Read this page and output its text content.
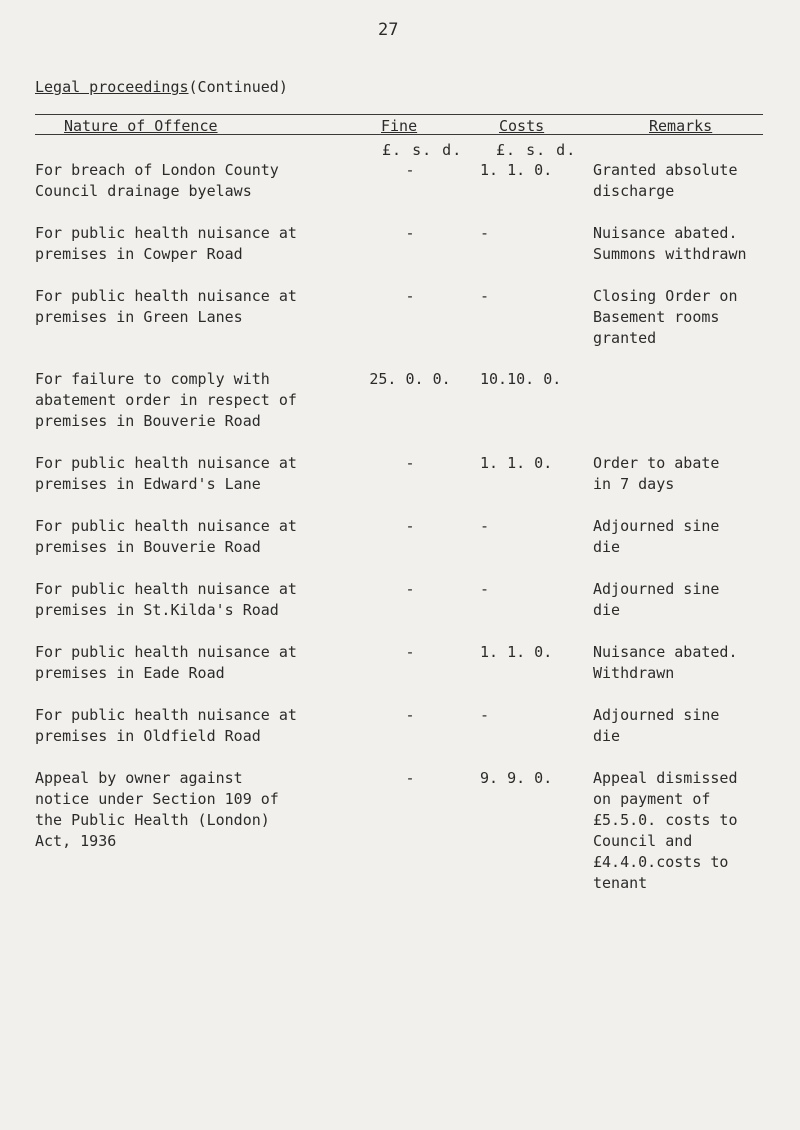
27
Legal proceedings(Continued)
Nature of Offence	Fine	Costs	Remarks
£. s. d. £. s. d.
For breach of London County
Council drainage byelaws
-	1. 1. 0.	Granted absolute
discharge
For public health nuisance at
premises in Cowper Road
-	-	Nuisance abated.
Summons withdrawn
For public health nuisance at
premises in Green Lanes
-	-	Closing Order on
Basement rooms
granted
For failure to comply with
abatement order in respect of
premises in Bouverie Road
25. 0. 0.	10.10. 0.
For public health nuisance at
premises in Edward's Lane
-	1. 1. 0.	Order to abate
in 7 days
For public health nuisance at
premises in Bouverie Road
-	-	Adjourned sine
die
For public health nuisance at
premises in St.Kilda's Road
-	-	Adjourned sine
die
For public health nuisance at
premises in Eade Road
-	1. 1. 0.	Nuisance abated.
Withdrawn
For public health nuisance at
premises in Oldfield Road
-	-	Adjourned sine
die
Appeal by owner against
notice under Section 109 of
the Public Health (London)
Act, 1936
-	9. 9. 0.	Appeal dismissed
on payment of
£5.5.0. costs to
Council and
£4.4.0.costs to
tenant
